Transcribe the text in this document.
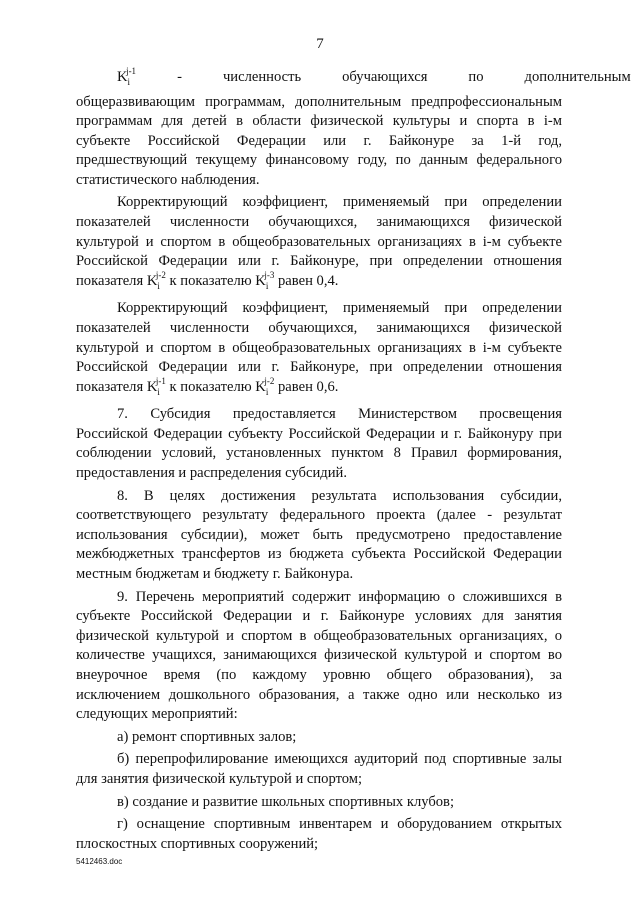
7

$K_i^{j-1}$	-	численность	обучающихся	по	дополнительным

общеразвивающим программам, дополнительным предпрофессиональным программам для детей в области физической культуры и спорта в i-м субъекте Российской Федерации или г. Байконуре за 1-й год, предшествующий текущему финансовому году, по данным федерального статистического наблюдения.

Корректирующий коэффициент, применяемый при определении показателей численности обучающихся, занимающихся физической культурой и спортом в общеобразовательных организациях в i-м субъекте Российской Федерации или г. Байконуре, при определении отношения показателя $K_i^{j-2}$ к показателю $K_i^{j-3}$ равен 0,4.

Корректирующий коэффициент, применяемый при определении показателей численности обучающихся, занимающихся физической культурой и спортом в общеобразовательных организациях в i-м субъекте Российской Федерации или г. Байконуре, при определении отношения показателя $K_i^{j-1}$ к показателю $K_i^{j-2}$ равен 0,6.

7. Субсидия предоставляется Министерством просвещения Российской Федерации субъекту Российской Федерации и г. Байконуру при соблюдении условий, установленных пунктом 8 Правил формирования, предоставления и распределения субсидий.

8. В целях достижения результата использования субсидии, соответствующего результату федерального проекта (далее - результат использования субсидии), может быть предусмотрено предоставление межбюджетных трансфертов из бюджета субъекта Российской Федерации местным бюджетам и бюджету г. Байконура.

9. Перечень мероприятий содержит информацию о сложившихся в субъекте Российской Федерации и г. Байконуре условиях для занятия физической культурой и спортом в общеобразовательных организациях, о количестве учащихся, занимающихся физической культурой и спортом во внеурочное время (по каждому уровню общего образования), за исключением дошкольного образования, а также одно или несколько из следующих мероприятий:

а) ремонт спортивных залов;

б) перепрофилирование имеющихся аудиторий под спортивные залы для занятия физической культурой и спортом;

в) создание и развитие школьных спортивных клубов;

г) оснащение спортивным инвентарем и оборудованием открытых плоскостных спортивных сооружений;

5412463.doc
